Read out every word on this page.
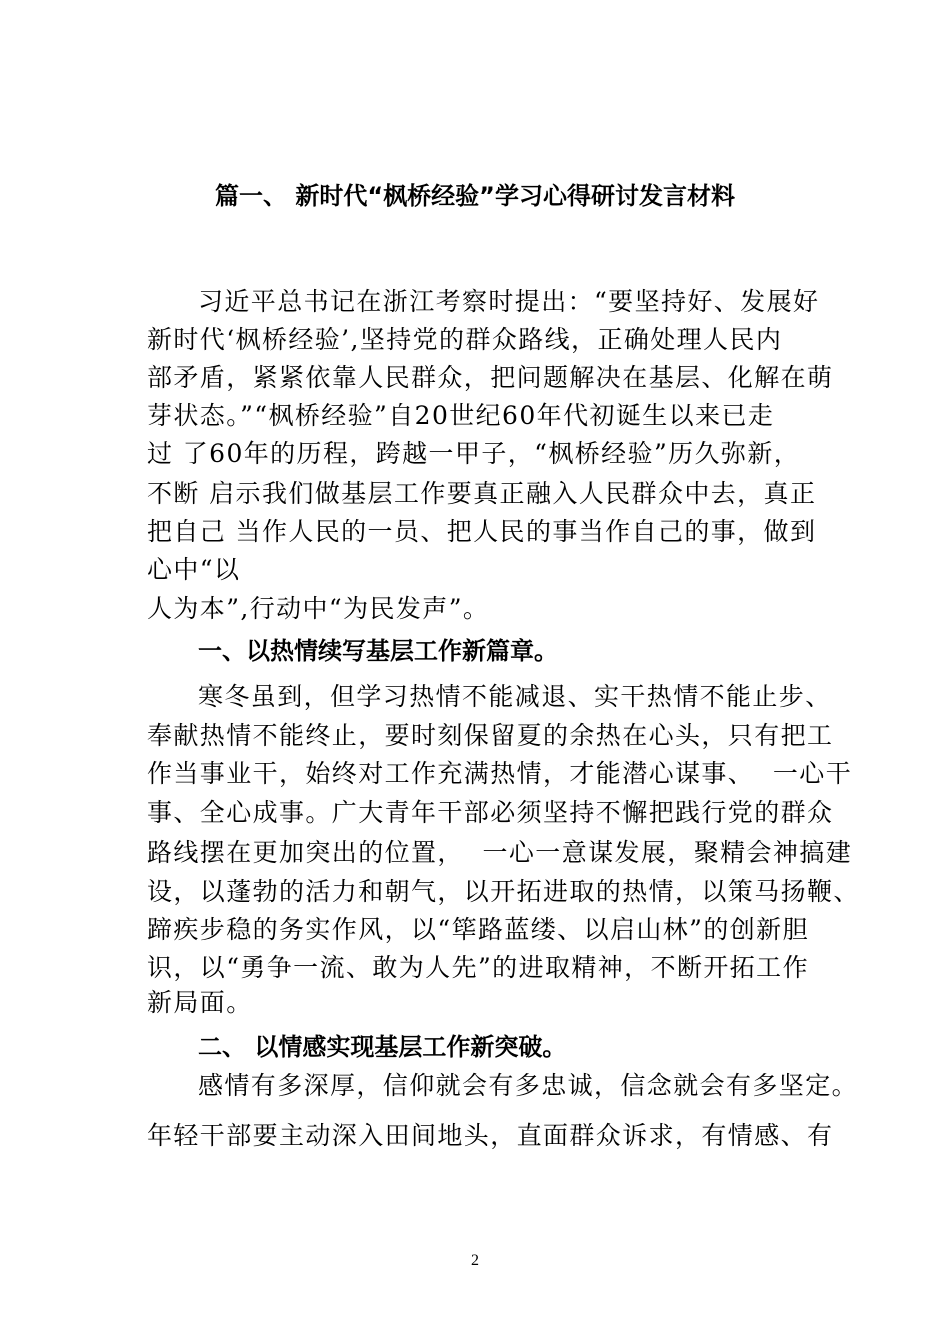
篇一、 新时代“枫桥经验”学习心得研讨发言材料
习近平总书记在浙江考察时提出：“要坚持好、发展好
新时代‘枫桥经验’,坚持党的群众路线，正确处理人民内
部矛盾，紧紧依靠人民群众，把问题解决在基层、化解在萌
芽状态。”“枫桥经验”自20世纪60年代初诞生以来已走
过 了60年的历程，跨越一甲子，“枫桥经验”历久弥新，
不断 启示我们做基层工作要真正融入人民群众中去，真正
把自己 当作人民的一员、把人民的事当作自己的事，做到
心中“以
人为本”,行动中“为民发声”。
一、以热情续写基层工作新篇章。
寒冬虽到，但学习热情不能减退、实干热情不能止步、
奉献热情不能终止，要时刻保留夏的余热在心头，只有把工
作当事业干，始终对工作充满热情，才能潜心谋事、  一心干
事、全心成事。广大青年干部必须坚持不懈把践行党的群众
路线摆在更加突出的位置，  一心一意谋发展，聚精会神搞建
设，以蓬勃的活力和朝气，以开拓进取的热情，以策马扬鞭、
蹄疾步稳的务实作风，以“筚路蓝缕、以启山林”的创新胆
识，以“勇争一流、敢为人先”的进取精神，不断开拓工作
新局面。
二、 以情感实现基层工作新突破。
感情有多深厚，信仰就会有多忠诚，信念就会有多坚定。
年轻干部要主动深入田间地头，直面群众诉求，有情感、有
2
